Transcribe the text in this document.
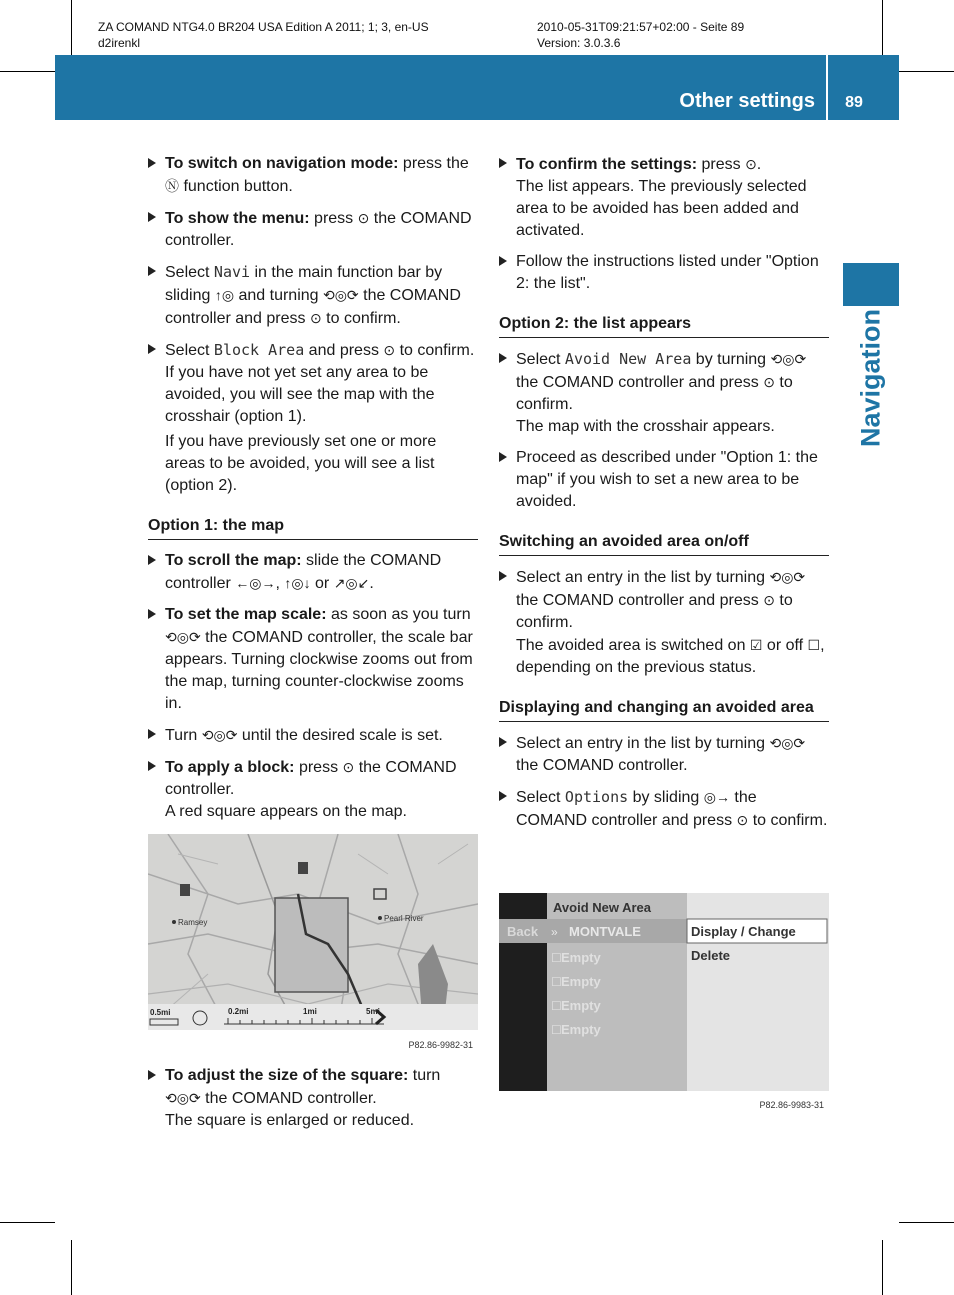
ZA COMAND NTG4.0 BR204 USA Edition A 2011; 1; 3, en-US
d2irenkl
2010-05-31T09:21:57+02:00 - Seite 89
Version: 3.0.3.6
Other settings	89
Navigation
To switch on navigation mode: press the Ⓝ function button.
To show the menu: press ⊙ the COMAND controller.
Select Navi in the main function bar by sliding ↑◎ and turning ⟲◎⟳ the COMAND controller and press ⊙ to confirm.
Select Block Area and press ⊙ to confirm.
If you have not yet set any area to be avoided, you will see the map with the crosshair (option 1).
If you have previously set one or more areas to be avoided, you will see a list (option 2).
Option 1: the map
To scroll the map: slide the COMAND controller ←◎→, ↑◎↓ or ↗◎↙.
To set the map scale: as soon as you turn ⟲◎⟳ the COMAND controller, the scale bar appears. Turning clockwise zooms out from the map, turning counter-clockwise zooms in.
Turn ⟲◎⟳ until the desired scale is set.
To apply a block: press ⊙ the COMAND controller.
A red square appears on the map.
Ramsey	Pearl River
0.5mi	0.2mi	1mi	5mi
P82.86-9982-31
To adjust the size of the square: turn ⟲◎⟳ the COMAND controller.
The square is enlarged or reduced.
To confirm the settings: press ⊙.
The list appears. The previously selected area to be avoided has been added and activated.
Follow the instructions listed under "Option 2: the list".
Option 2: the list appears
Select Avoid New Area by turning ⟲◎⟳ the COMAND controller and press ⊙ to confirm.
The map with the crosshair appears.
Proceed as described under "Option 1: the map" if you wish to set a new area to be avoided.
Switching an avoided area on/off
Select an entry in the list by turning ⟲◎⟳ the COMAND controller and press ⊙ to confirm.
The avoided area is switched on ☑ or off ☐, depending on the previous status.
Displaying and changing an avoided area
Select an entry in the list by turning ⟲◎⟳ the COMAND controller.
Select Options by sliding ◎→ the COMAND controller and press ⊙ to confirm.
Avoid New Area
Back » MONTVALE
☐ Empty
☐ Empty
☐ Empty
☐ Empty
Display / Change
Delete
P82.86-9983-31
